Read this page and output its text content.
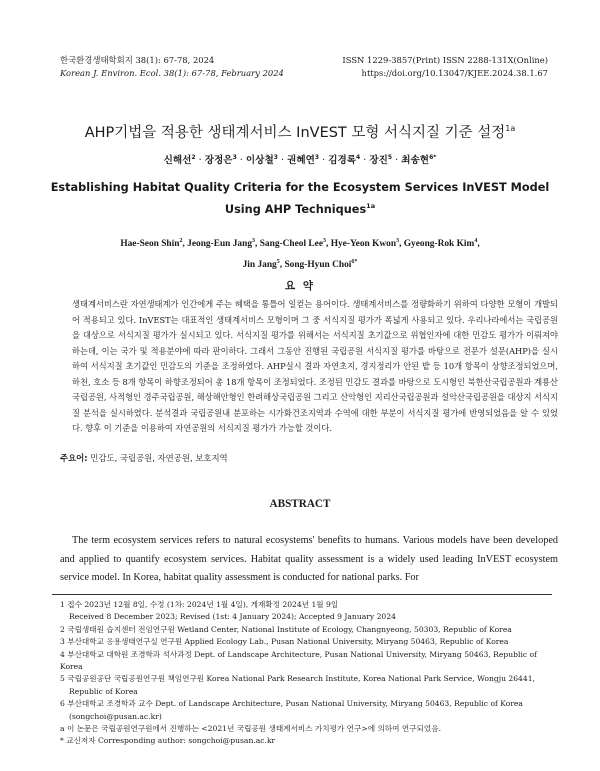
한국환경생태학회지 38(1): 67-78, 2024
Korean J. Environ. Ecol. 38(1): 67-78, February 2024
ISSN 1229-3857(Print) ISSN 2288-131X(Online)
https://doi.org/10.13047/KJEE.2024.38.1.67
AHP기법을 적용한 생태계서비스 InVEST 모형 서식지질 기준 설정$^{1a}$
신해선$^2$ · 장정은$^3$ · 이상철$^3$ · 권혜연$^3$ · 김경록$^4$ · 장진$^5$ · 최송현$^{6*}$
Establishing Habitat Quality Criteria for the Ecosystem Services InVEST Model
Using AHP Techniques$^{1a}$
Hae-Seon Shin$^2$, Jeong-Eun Jang$^3$, Sang-Cheol Lee$^3$, Hye-Yeon Kwon$^3$, Gyeong-Rok Kim$^4$,
Jin Jang$^5$, Song-Hyun Choi$^{6*}$
요 약
생태계서비스란 자연생태계가 인간에게 주는 혜택을 통틀어 일컫는 용어이다. 생태계서비스를 정량화하기 위하여 다양한 모형이 개발되어 적용되고 있다. InVEST는 대표적인 생태계서비스 모형이며 그 중 서식지질 평가가 폭넓게 사용되고 있다. 우리나라에서는 국립공원을 대상으로 서식지질 평가가 실시되고 있다. 서식지질 평가를 위해서는 서식지질 초기값으로 위협인자에 대한 민감도 평가가 이뤄져야 하는데, 이는 국가 및 적용분야에 따라 판이하다. 그래서 그동안 진행된 국립공원 서식지질 평가를 바탕으로 전문가 설문(AHP)을 실시하여 서식지질 초기값인 민감도의 기준을 조정하였다. AHP실시 결과 자연초지, 경지정리가 안된 밭 등 10개 항목이 상향조정되었으며, 하천, 호소 등 8개 항목이 하향조정되어 총 18개 항목이 조정되었다. 조정된 민감도 결과를 바탕으로 도시형인 북한산국립공원과 계룡산국립공원, 사적형인 경주국립공원, 해상해안형인 한려해상국립공원 그리고 산악형인 지리산국립공원과 설악산국립공원을 대상지 서식지질 분석을 실시하였다. 분석결과 국립공원내 분포하는 시가화건조지역과 수역에 대한 부분이 서식지질 평가에 반영되었음을 알 수 있었다. 향후 이 기준을 이용하여 자연공원의 서식지질 평가가 가능할 것이다.
주요어: 민감도, 국립공원, 자연공원, 보호지역
ABSTRACT
The term ecosystem services refers to natural ecosystems' benefits to humans. Various models have been developed and applied to quantify ecosystem services. Habitat quality assessment is a widely used leading InVEST ecosystem service model. In Korea, habitat quality assessment is conducted for national parks. For
1 접수 2023년 12월 8일, 수정 (1차: 2024년 1월 4일), 게재확정 2024년 1월 9일
Received 8 December 2023; Revised (1st: 4 January 2024); Accepted 9 January 2024
2 국립생태원 습지센터 전임연구원 Wetland Center, National Institute of Ecology, Changnyeong, 50303, Republic of Korea
3 부산대학교 응용생태연구실 연구원 Applied Ecology Lab., Pusan National University, Miryang 50463, Republic of Korea
4 부산대학교 대학원 조경학과 석사과정 Dept. of Landscape Architecture, Pusan National University, Miryang 50463, Republic of Korea
5 국립공원공단 국립공원연구원 책임연구원 Korea National Park Research Institute, Korea National Park Service, Wongju 26441,
Republic of Korea
6 부산대학교 조경학과 교수 Dept. of Landscape Architecture, Pusan National University, Miryang 50463, Republic of Korea
(songchoi@pusan.ac.kr)
a 이 논문은 국립공원연구원에서 진행하는 <2021년 국립공원 생태계서비스 가치평가 연구>에 의하여 연구되었음.
* 교신저자 Corresponding author: songchoi@pusan.ac.kr
